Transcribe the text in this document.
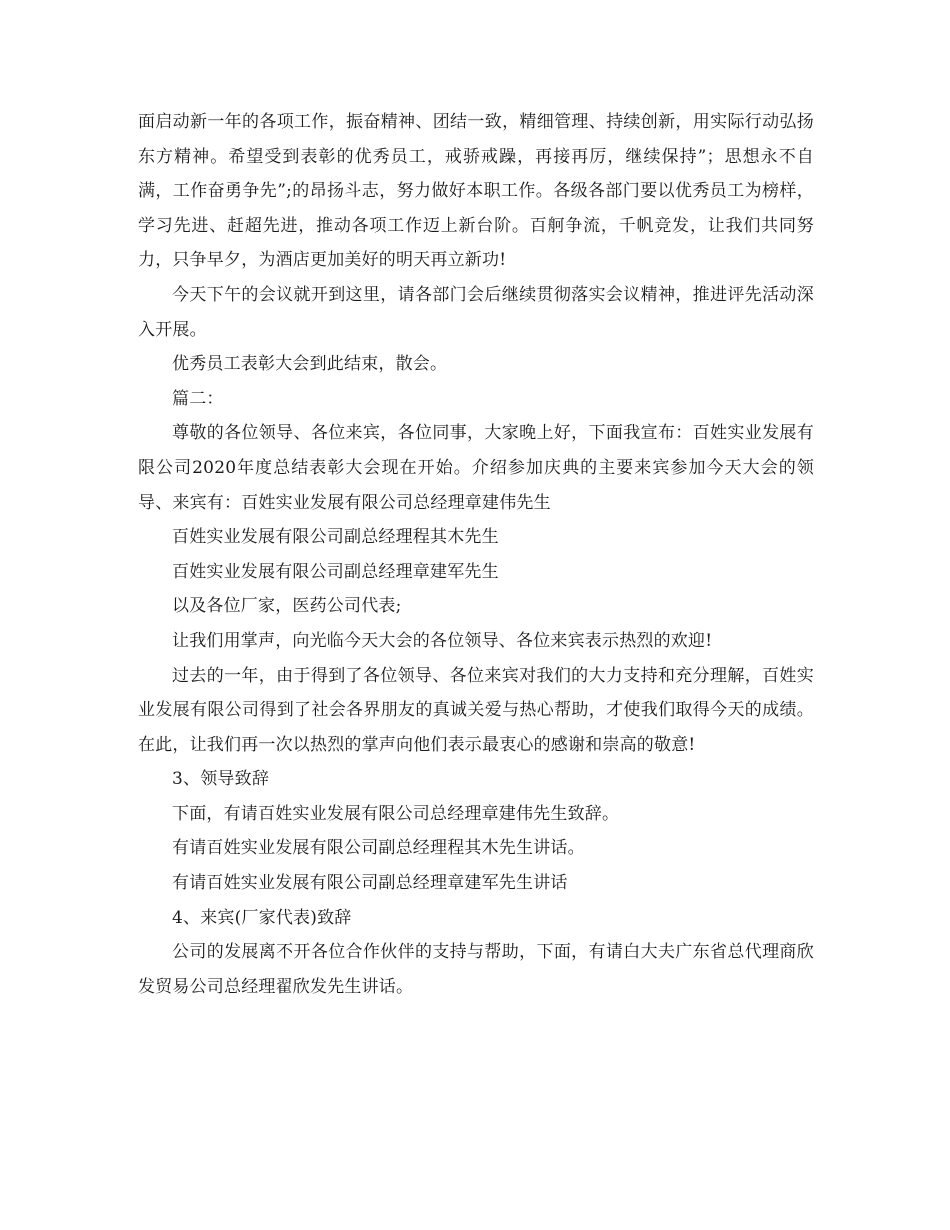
面启动新一年的各项工作，振奋精神、团结一致，精细管理、持续创新，用实际行动弘扬东方精神。希望受到表彰的优秀员工，戒骄戒躁，再接再厉，继续保持”；思想永不自满，工作奋勇争先”;的昂扬斗志，努力做好本职工作。各级各部门要以优秀员工为榜样，学习先进、赶超先进，推动各项工作迈上新台阶。百舸争流，千帆竞发，让我们共同努力，只争早夕，为酒店更加美好的明天再立新功!

今天下午的会议就开到这里，请各部门会后继续贯彻落实会议精神，推进评先活动深入开展。

优秀员工表彰大会到此结束，散会。

篇二：

尊敬的各位领导、各位来宾，各位同事，大家晚上好，下面我宣布：百姓实业发展有限公司2020年度总结表彰大会现在开始。介绍参加庆典的主要来宾参加今天大会的领导、来宾有：百姓实业发展有限公司总经理章建伟先生

百姓实业发展有限公司副总经理程其木先生

百姓实业发展有限公司副总经理章建军先生

以及各位厂家，医药公司代表;

让我们用掌声，向光临今天大会的各位领导、各位来宾表示热烈的欢迎!

过去的一年，由于得到了各位领导、各位来宾对我们的大力支持和充分理解，百姓实业发展有限公司得到了社会各界朋友的真诚关爱与热心帮助，才使我们取得今天的成绩。在此，让我们再一次以热烈的掌声向他们表示最衷心的感谢和崇高的敬意!

3、领导致辞

下面，有请百姓实业发展有限公司总经理章建伟先生致辞。

有请百姓实业发展有限公司副总经理程其木先生讲话。

有请百姓实业发展有限公司副总经理章建军先生讲话

4、来宾(厂家代表)致辞

公司的发展离不开各位合作伙伴的支持与帮助，下面，有请白大夫广东省总代理商欣发贸易公司总经理翟欣发先生讲话。
